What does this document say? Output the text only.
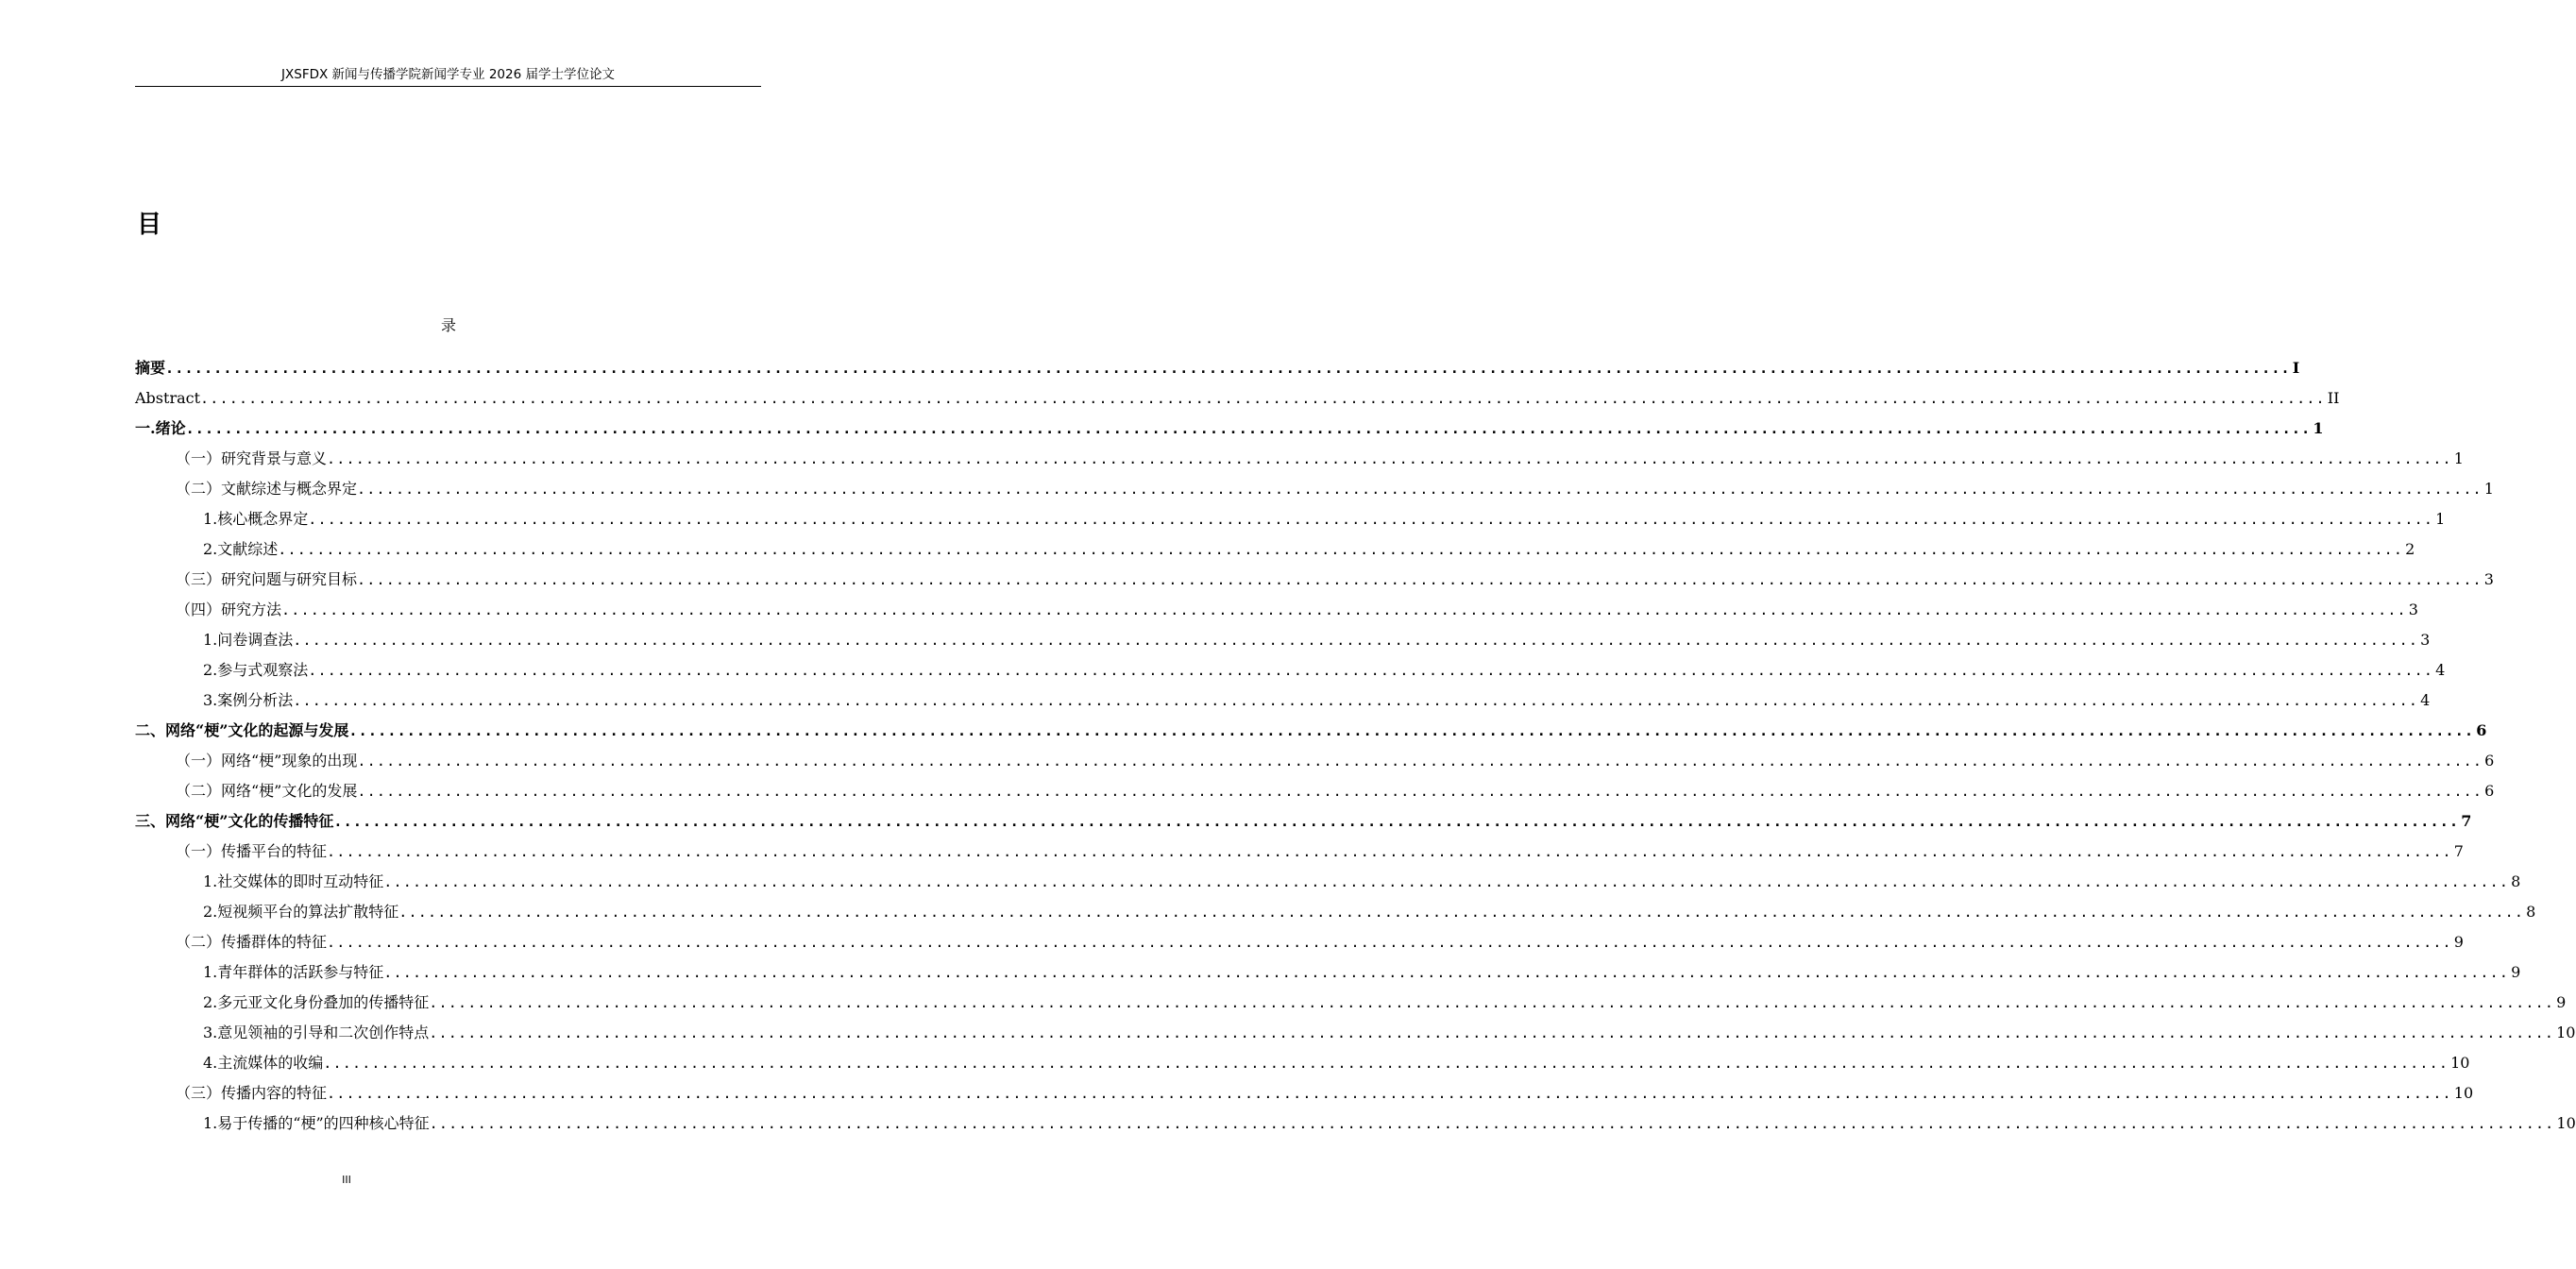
JXSFDX 新闻与传播学院新闻学专业 2026 届学士学位论文
目
录
摘要 ............................................................................................................................................................................................................................ I
Abstract ............................................................................................................................................................................................................................ II
一.绪论 ............................................................................................................................................................................................................................ 1
（一）研究背景与意义 ............................................................................................................................................................................................................................ 1
（二）文献综述与概念界定 ............................................................................................................................................................................................................................ 1
1.核心概念界定 ............................................................................................................................................................................................................................ 1
2.文献综述 ............................................................................................................................................................................................................................ 2
（三）研究问题与研究目标 ............................................................................................................................................................................................................................ 3
（四）研究方法 ............................................................................................................................................................................................................................ 3
1.问卷调查法 ............................................................................................................................................................................................................................ 3
2.参与式观察法 ............................................................................................................................................................................................................................ 4
3.案例分析法 ............................................................................................................................................................................................................................ 4
二、网络“梗”文化的起源与发展 ............................................................................................................................................................................................................................ 6
（一）网络“梗”现象的出现 ............................................................................................................................................................................................................................ 6
（二）网络“梗”文化的发展 ............................................................................................................................................................................................................................ 6
三、网络“梗”文化的传播特征 ............................................................................................................................................................................................................................ 7
（一）传播平台的特征 ............................................................................................................................................................................................................................ 7
1.社交媒体的即时互动特征 ............................................................................................................................................................................................................................ 8
2.短视频平台的算法扩散特征 ............................................................................................................................................................................................................................ 8
（二）传播群体的特征 ............................................................................................................................................................................................................................ 9
1.青年群体的活跃参与特征 ............................................................................................................................................................................................................................ 9
2.多元亚文化身份叠加的传播特征 ............................................................................................................................................................................................................................ 9
3.意见领袖的引导和二次创作特点 ............................................................................................................................................................................................................................ 10
4.主流媒体的收编 ............................................................................................................................................................................................................................ 10
（三）传播内容的特征 ............................................................................................................................................................................................................................ 10
1.易于传播的“梗”的四种核心特征 ............................................................................................................................................................................................................................ 10
III
